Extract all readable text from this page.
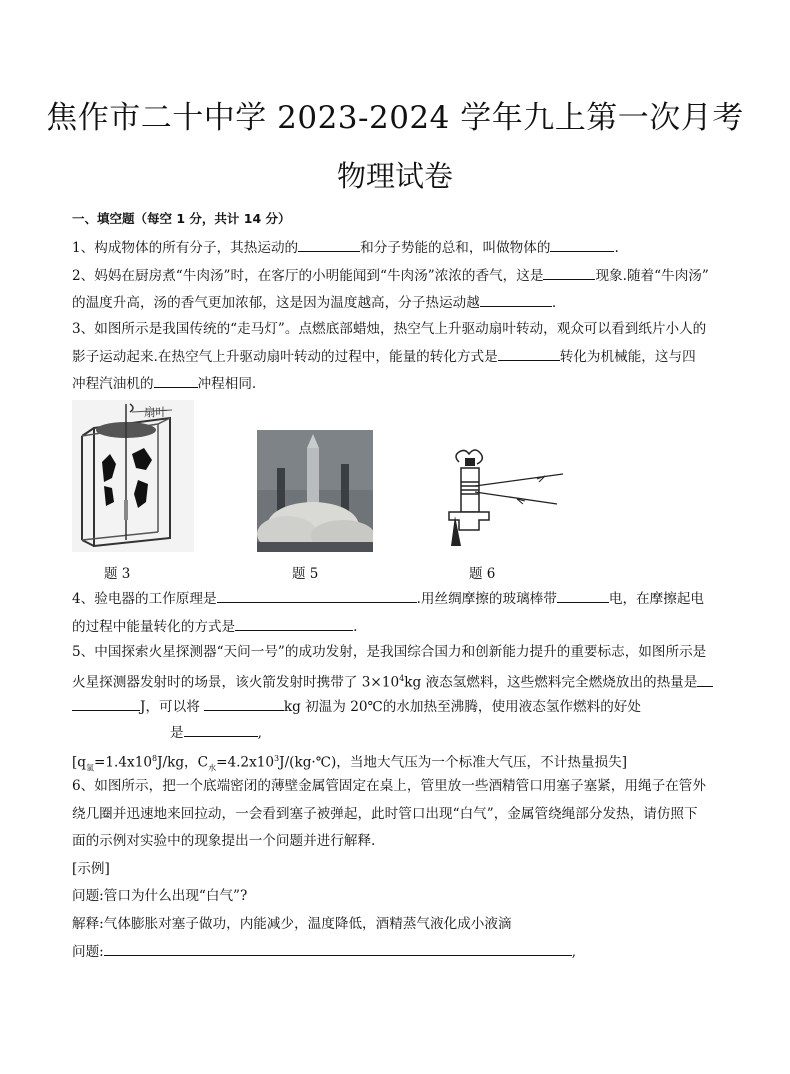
焦作市二十中学 2023-2024 学年九上第一次月考
物理试卷
一、填空题（每空 1 分，共计 14 分）
1、构成物体的所有分子，其热运动的	和分子势能的总和，叫做物体的	.
2、妈妈在厨房煮“牛肉汤”时，在客厅的小明能闻到“牛肉汤”浓浓的香气，这是	现象.随着“牛肉汤”
的温度升高，汤的香气更加浓郁，这是因为温度越高，分子热运动越	.
3、如图所示是我国传统的“走马灯”。点燃底部蜡烛，热空气上升驱动扇叶转动，观众可以看到纸片小人的
影子运动起来.在热空气上升驱动扇叶转动的过程中，能量的转化方式是	转化为机械能，这与四
冲程汽油机的	冲程相同.
扇叶
题 3	题 5	题 6
4、验电器的工作原理是	.用丝绸摩擦的玻璃棒带	电，在摩擦起电
的过程中能量转化的方式是	.
5、中国探索火星探测器“天问一号”的成功发射，是我国综合国力和创新能力提升的重要标志，如图所示是
火星探测器发射时的场景，该火箭发射时携带了 $3\times 10^4kg$ 液态氢燃料，这些燃料完全燃烧放出的热量是
J，可以将	kg 初温为 20℃的水加热至沸腾，使用液态氢作燃料的好处
是	,
[$q_氢=1.4x10^8J/kg$，$C_水=4.2x10^3J/(kg\cdot℃)$，当地大气压为一个标准大气压，不计热量损失]
6、如图所示，把一个底端密闭的薄壁金属管固定在桌上，管里放一些酒精管口用塞子塞紧，用绳子在管外
绕几圈并迅速地来回拉动，一会看到塞子被弹起，此时管口出现“白气”，金属管绕绳部分发热，请仿照下
面的示例对实验中的现象提出一个问题并进行解释.
[示例]
问题:管口为什么出现“白气”?
解释:气体膨胀对塞子做功，内能减少，温度降低，酒精蒸气液化成小液滴
问题:	,
